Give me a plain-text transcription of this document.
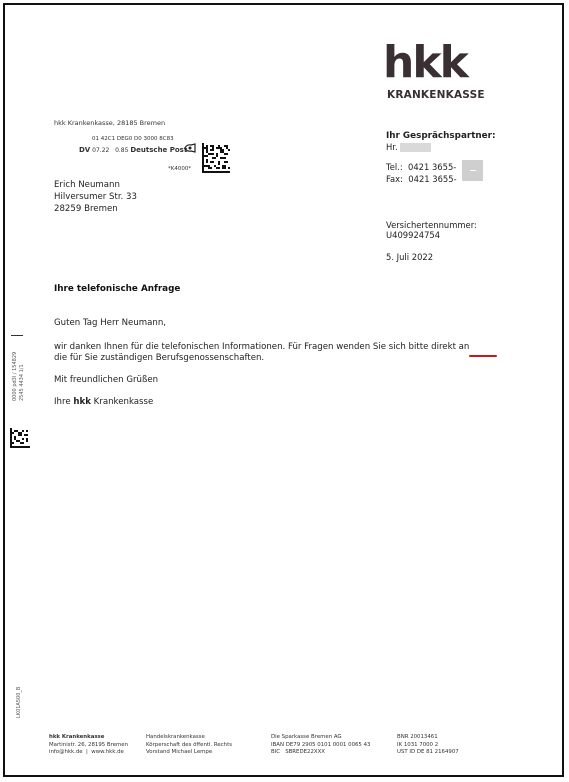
hkk
KRANKENKASSE
hkk Krankenkasse, 28185 Bremen
01 42C1 DEG0 D0 3000 8C83
DV 07.22 0.85 Deutsche Post
*K4000*
Erich Neumann
Hilversumer Str. 33
28259 Bremen
Ihr Gesprächspartner:
Hr.
Tel.: 0421 3655-
Fax: 0421 3655-
Versichertennummer:
U409924754
5. Juli 2022
Ihre telefonische Anfrage
Guten Tag Herr Neumann,
wir danken Ihnen für die telefonischen Informationen. Für Fragen wenden Sie sich bitte direkt an
die für Sie zuständigen Berufsgenossenschaften.
Mit freundlichen Grüßen
Ihre hkk Krankenkasse
0000 pd3l / 154829 2545 4434 1/1
LK01A500_B
hkk Krankenkasse
Martinistr. 26, 28195 Bremen
info@hkk.de  |  www.hkk.de
Handelskrankenkasse
Körperschaft des öffentl. Rechts
Vorstand Michael Lempe
Die Sparkasse Bremen AG
IBAN DE79 2905 0101 0001 0065 43
BIC   SBREDE22XXX
BNR 20013461
IK 1031 7000 2
UST ID DE 81 2164907
